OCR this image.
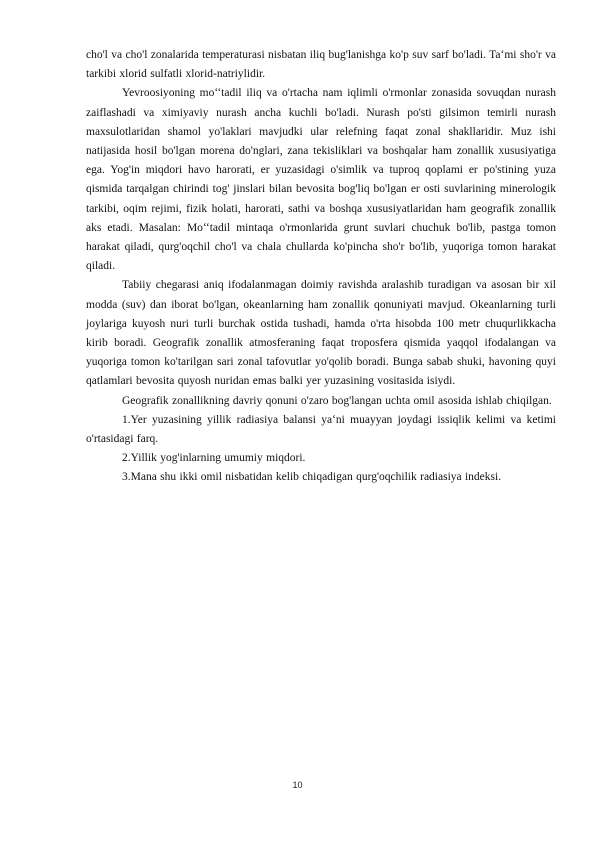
cho'l va cho'l zonalarida temperaturasi nisbatan iliq bug'lanishga ko'p suv sarf bo'ladi. Ta‘mi sho'r va tarkibi xlorid sulfatli xlorid-natriylidir.

Yevroosiyoning mo‘‘tadil iliq va o'rtacha nam iqlimli o'rmonlar zonasida sovuqdan nurash zaiflashadi va ximiyaviy nurash ancha kuchli bo'ladi. Nurash po'sti gilsimon temirli nurash maxsulotlaridan shamol yo'laklari mavjudki ular relefning faqat zonal shakllaridir. Muz ishi natijasida hosil bo'lgan morena do'nglari, zana tekisliklari va boshqalar ham zonallik xususiyatiga ega. Yog'in miqdori havo harorati, er yuzasidagi o'simlik va tuproq qoplami er po'stining yuza qismida tarqalgan chirindi tog' jinslari bilan bevosita bog'liq bo'lgan er osti suvlarining minerologik tarkibi, oqim rejimi, fizik holati, harorati, sathi va boshqa xususiyatlaridan ham geografik zonallik aks etadi. Masalan: Mo‘‘tadil mintaqa o'rmonlarida grunt suvlari chuchuk bo'lib, pastga tomon harakat qiladi, qurg'oqchil cho'l va chala chullarda ko'pincha sho'r bo'lib, yuqoriga tomon harakat qiladi.

Tabiiy chegarasi aniq ifodalanmagan doimiy ravishda aralashib turadigan va asosan bir xil modda (suv) dan iborat bo'lgan, okeanlarning ham zonallik qonuniyati mavjud. Okeanlarning turli joylariga kuyosh nuri turli burchak ostida tushadi, hamda o'rta hisobda 100 metr chuqurlikkacha kirib boradi. Geografik zonallik atmosferaning faqat troposfera qismida yaqqol ifodalangan va yuqoriga tomon ko'tarilgan sari zonal tafovutlar yo'qolib boradi. Bunga sabab shuki, havoning quyi qatlamlari bevosita quyosh nuridan emas balki yer yuzasining vositasida isiydi.

Geografik zonallikning davriy qonuni o'zaro bog'langan uchta omil asosida ishlab chiqilgan.

1.Yer yuzasining yillik radiasiya balansi ya‘ni muayyan joydagi issiqlik kelimi va ketimi o'rtasidagi farq.

2.Yillik yog'inlarning umumiy miqdori.

3.Mana shu ikki omil nisbatidan kelib chiqadigan qurg'oqchilik radiasiya indeksi.

10
